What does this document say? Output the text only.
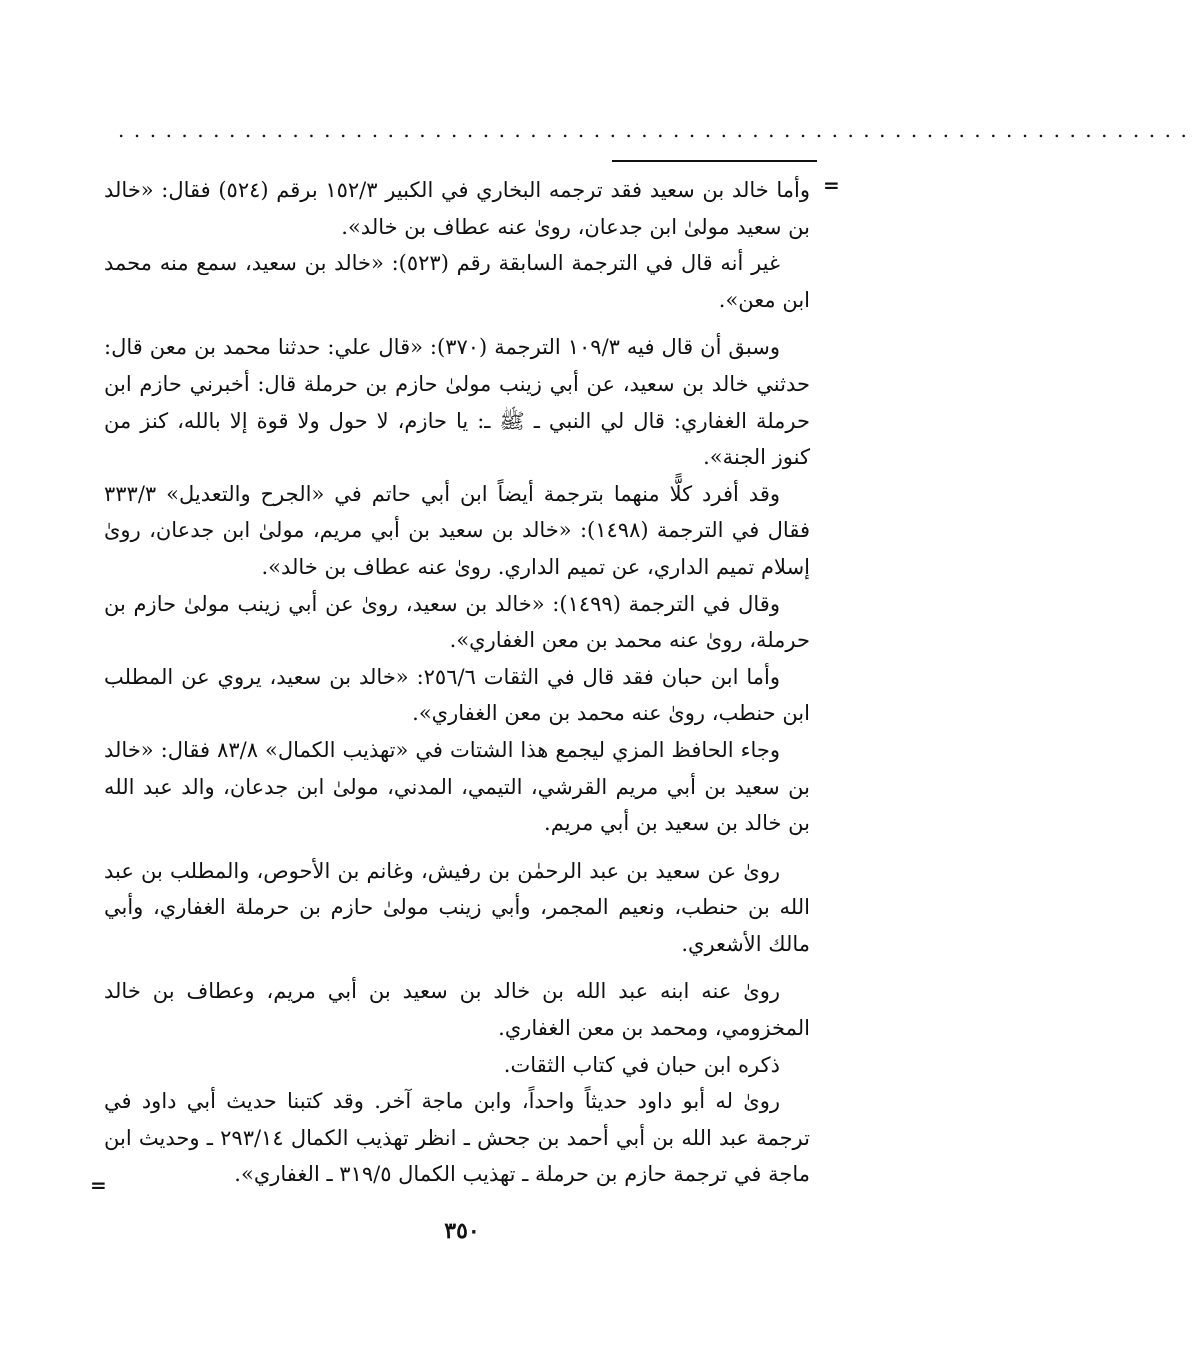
....................................................................
=

وأما خالد بن سعيد فقد ترجمه البخاري في الكبير ١٥٢/٣ برقم (٥٢٤) فقال: «خالد بن سعيد مولىٰ ابن جدعان، روىٰ عنه عطاف بن خالد».

غير أنه قال في الترجمة السابقة رقم (٥٢٣): «خالد بن سعيد، سمع منه محمد ابن معن».

وسبق أن قال فيه ١٠٩/٣ الترجمة (٣٧٠): «قال علي: حدثنا محمد بن معن قال: حدثني خالد بن سعيد، عن أبي زينب مولىٰ حازم بن حرملة قال: أخبرني حازم ابن حرملة الغفاري: قال لي النبي ـ ﷺ ـ: يا حازم، لا حول ولا قوة إلا بالله، كنز من كنوز الجنة».

وقد أفرد كلًّا منهما بترجمة أيضاً ابن أبي حاتم في «الجرح والتعديل» ٣٣٣/٣ فقال في الترجمة (١٤٩٨): «خالد بن سعيد بن أبي مريم، مولىٰ ابن جدعان، روىٰ إسلام تميم الداري، عن تميم الداري. روىٰ عنه عطاف بن خالد».

وقال في الترجمة (١٤٩٩): «خالد بن سعيد، روىٰ عن أبي زينب مولىٰ حازم بن حرملة، روىٰ عنه محمد بن معن الغفاري».

وأما ابن حبان فقد قال في الثقات ٢٥٦/٦: «خالد بن سعيد، يروي عن المطلب ابن حنطب، روىٰ عنه محمد بن معن الغفاري».

وجاء الحافظ المزي ليجمع هذا الشتات في «تهذيب الكمال» ٨٣/٨ فقال: «خالد بن سعيد بن أبي مريم القرشي، التيمي، المدني، مولىٰ ابن جدعان، والد عبد الله بن خالد بن سعيد بن أبي مريم.

روىٰ عن سعيد بن عبد الرحمٰن بن رفيش، وغانم بن الأحوص، والمطلب بن عبد الله بن حنطب، ونعيم المجمر، وأبي زينب مولىٰ حازم بن حرملة الغفاري، وأبي مالك الأشعري.

روىٰ عنه ابنه عبد الله بن خالد بن سعيد بن أبي مريم، وعطاف بن خالد المخزومي، ومحمد بن معن الغفاري.

ذكره ابن حبان في كتاب الثقات.

روىٰ له أبو داود حديثاً واحداً، وابن ماجة آخر. وقد كتبنا حديث أبي داود في ترجمة عبد الله بن أبي أحمد بن جحش ـ انظر تهذيب الكمال ٢٩٣/١٤ ـ وحديث ابن ماجة في ترجمة حازم بن حرملة ـ تهذيب الكمال ٣١٩/٥ ـ الغفاري».

=
٣٥٠
